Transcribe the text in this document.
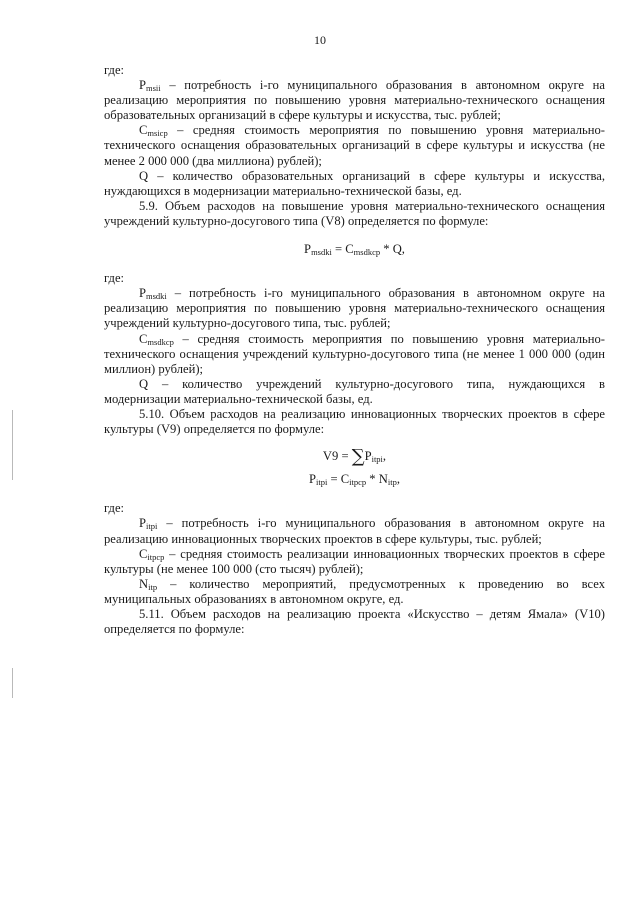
10

где:

$P_{msii}$ – потребность i-го муниципального образования в автономном округе на реализацию мероприятия по повышению уровня материально-технического оснащения образовательных организаций в сфере культуры и искусства, тыс. рублей;

$C_{msicp}$ – средняя стоимость мероприятия по повышению уровня материально-технического оснащения образовательных организаций в сфере культуры и искусства (не менее 2 000 000 (два миллиона) рублей);

Q – количество образовательных организаций в сфере культуры и искусства, нуждающихся в модернизации материально-технической базы, ед.

5.9. Объем расходов на повышение уровня материально-технического оснащения учреждений культурно-досугового типа (V8) определяется по формуле:

$P_{msdki} = C_{msdkcp} * Q$,

где:

$P_{msdki}$ – потребность i-го муниципального образования в автономном округе на реализацию мероприятия по повышению уровня материально-технического оснащения учреждений культурно-досугового типа, тыс. рублей;

$C_{msdkcp}$ – средняя стоимость мероприятия по повышению уровня материально-технического оснащения учреждений культурно-досугового типа (не менее 1 000 000 (один миллион) рублей);

Q – количество учреждений культурно-досугового типа, нуждающихся в модернизации материально-технической базы, ед.

5.10. Объем расходов на реализацию инновационных творческих проектов в сфере культуры (V9) определяется по формуле:

$V9 = \sum P_{itpi}$,

$P_{itpi} = C_{itpcp} * N_{itp}$,

где:

$P_{itpi}$ – потребность i-го муниципального образования в автономном округе на реализацию инновационных творческих проектов в сфере культуры, тыс. рублей;

$C_{itpcp}$ – средняя стоимость реализации инновационных творческих проектов в сфере культуры (не менее 100 000 (сто тысяч) рублей);

$N_{itp}$ – количество мероприятий, предусмотренных к проведению во всех муниципальных образованиях в автономном округе, ед.

5.11. Объем расходов на реализацию проекта «Искусство – детям Ямала» (V10) определяется по формуле:
